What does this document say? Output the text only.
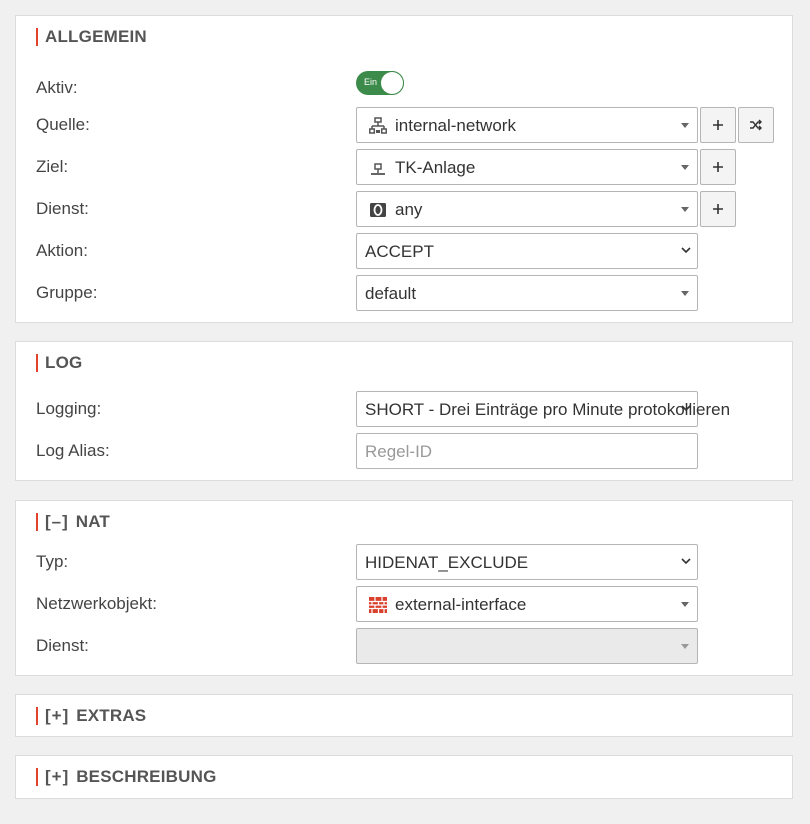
ALLGEMEIN
Aktiv:	Ein
Quelle:	internal-network
Ziel:	TK-Anlage
Dienst:	any
Aktion:	ACCEPT
Gruppe:	default
LOG
Logging:	SHORT - Drei Einträge pro Minute protokollieren
Log Alias:	Regel-ID
[–] NAT
Typ:	HIDENAT_EXCLUDE
Netzwerkobjekt:	external-interface
Dienst:
[+] EXTRAS
[+] BESCHREIBUNG
